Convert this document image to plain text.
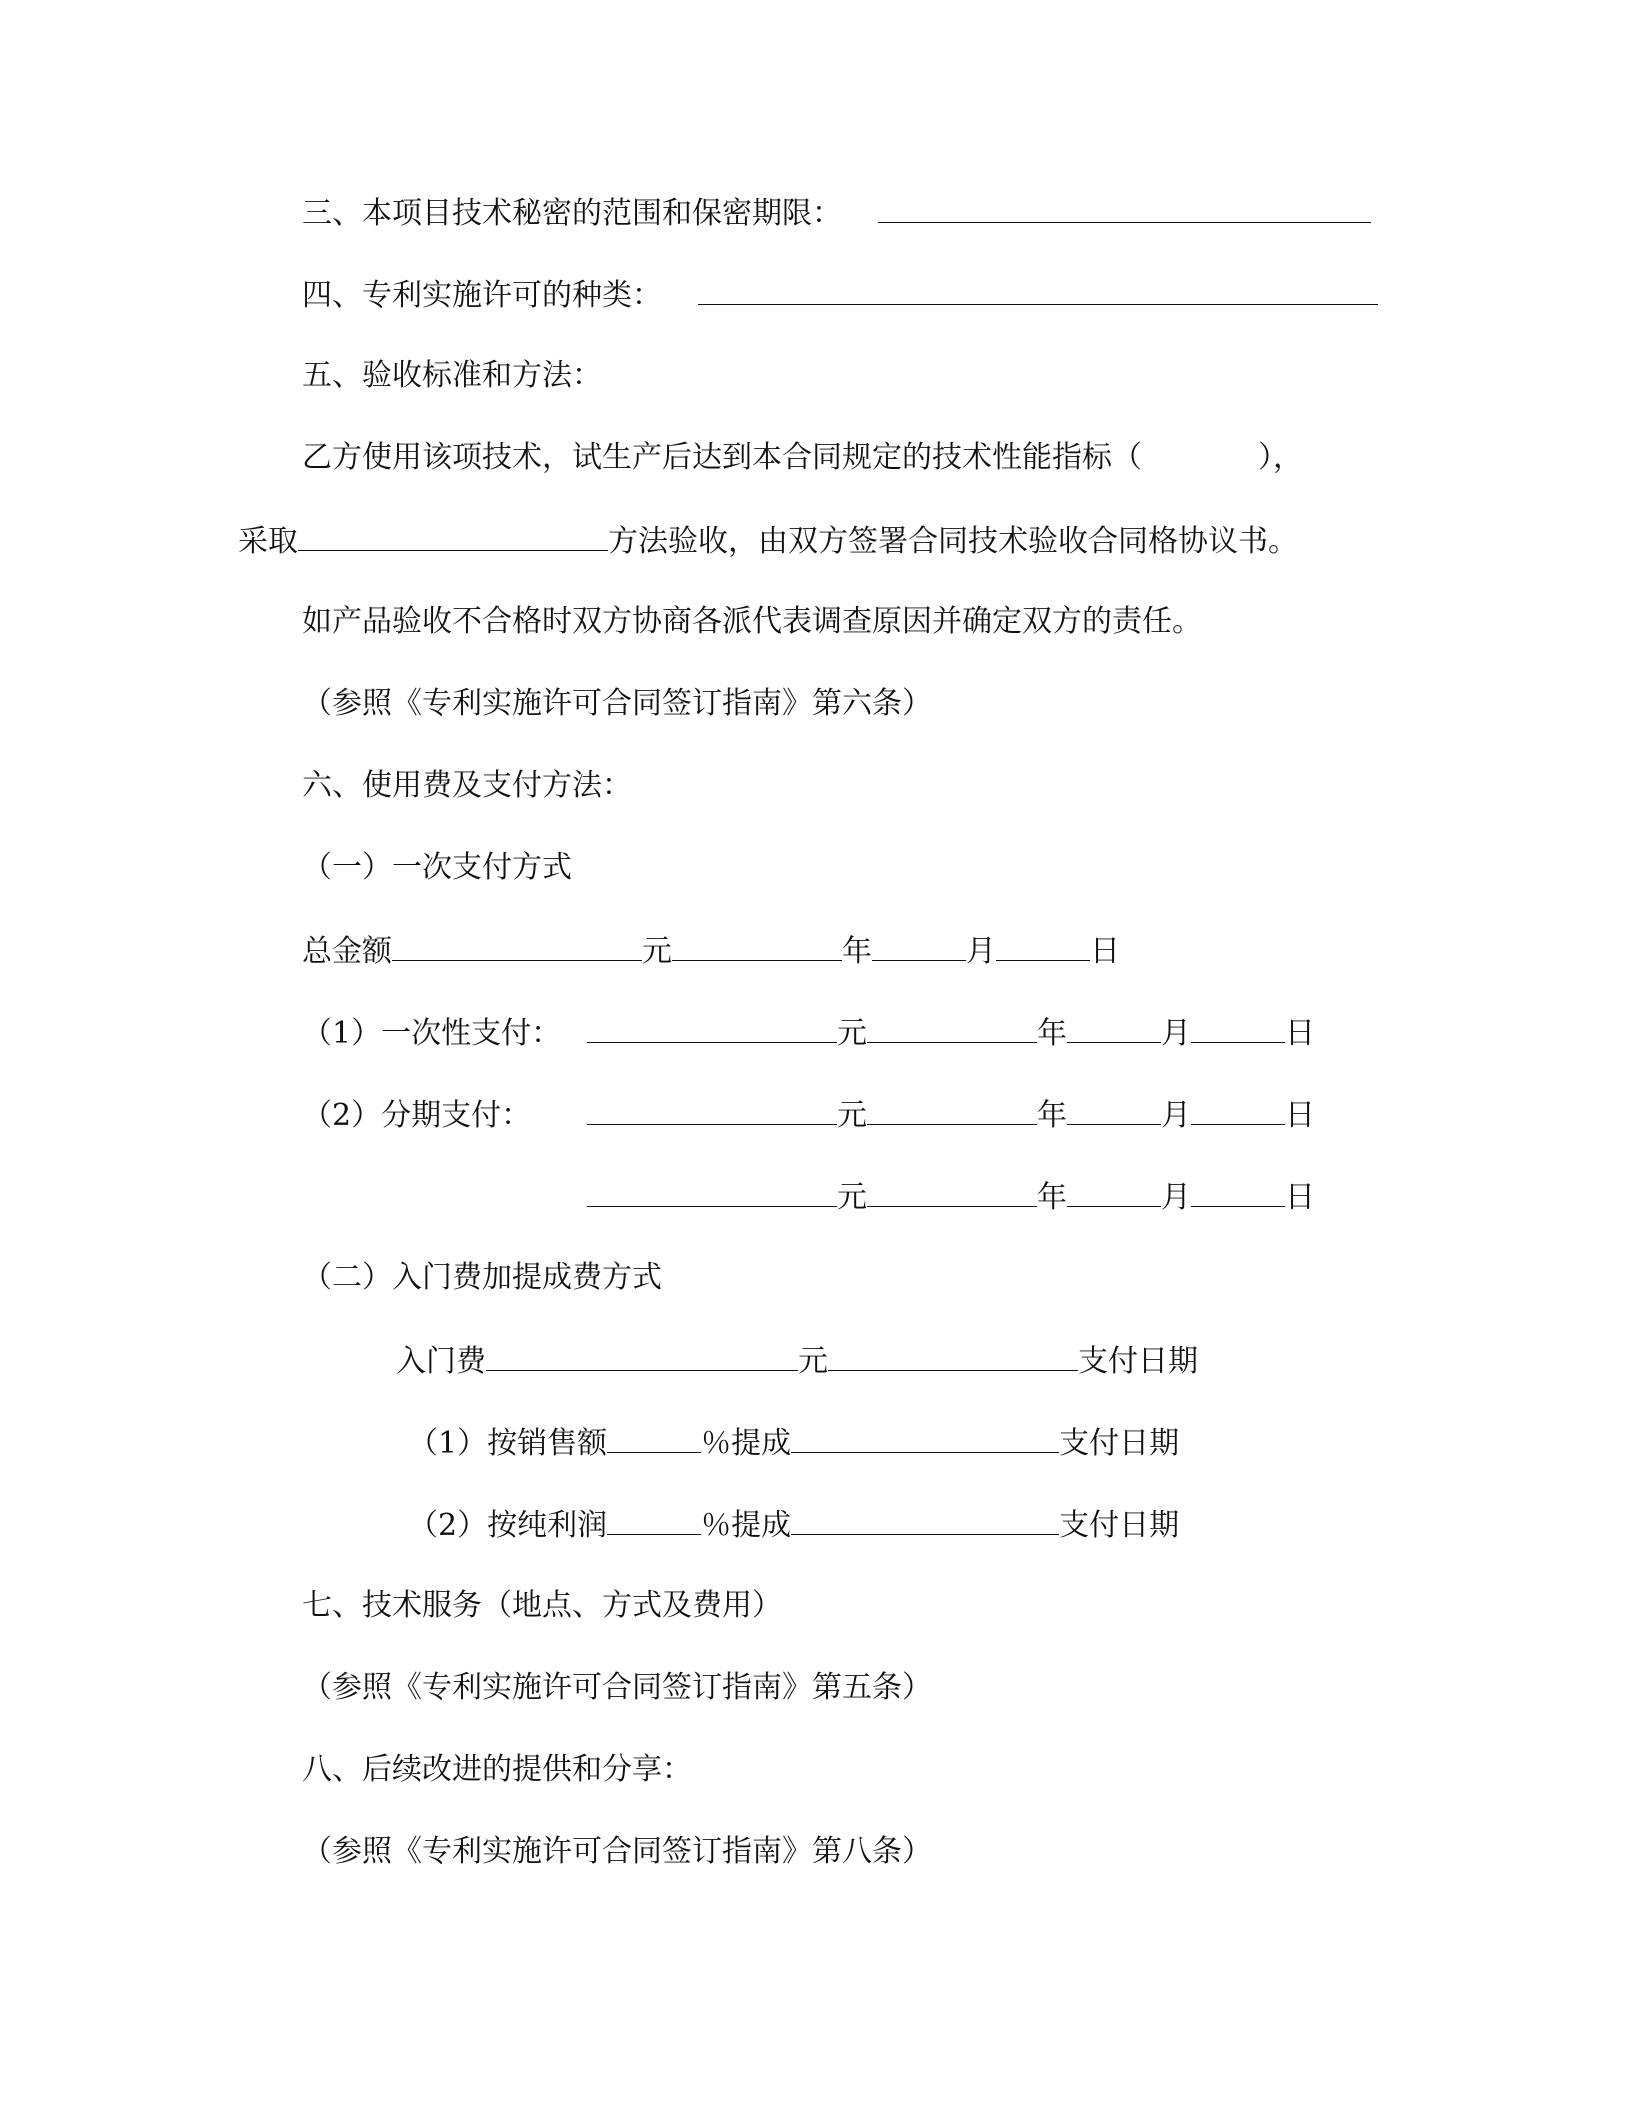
三、本项目技术秘密的范围和保密期限：
四、专利实施许可的种类：
五、验收标准和方法：
乙方使用该项技术，试生产后达到本合同规定的技术性能指标（	），
采取	方法验收，由双方签署合同技术验收合同格协议书。
如产品验收不合格时双方协商各派代表调查原因并确定双方的责任。
（参照《专利实施许可合同签订指南》第六条）
六、使用费及支付方法：
（一）一次支付方式
总金额	元	年	月	日
（1）一次性支付：	元	年	月	日
（2）分期支付：	元	年	月	日
元	年	月	日
（二）入门费加提成费方式
入门费	元	支付日期
（1）按销售额	％提成	支付日期
（2）按纯利润	％提成	支付日期
七、技术服务（地点、方式及费用）
（参照《专利实施许可合同签订指南》第五条）
八、后续改进的提供和分享：
（参照《专利实施许可合同签订指南》第八条）
